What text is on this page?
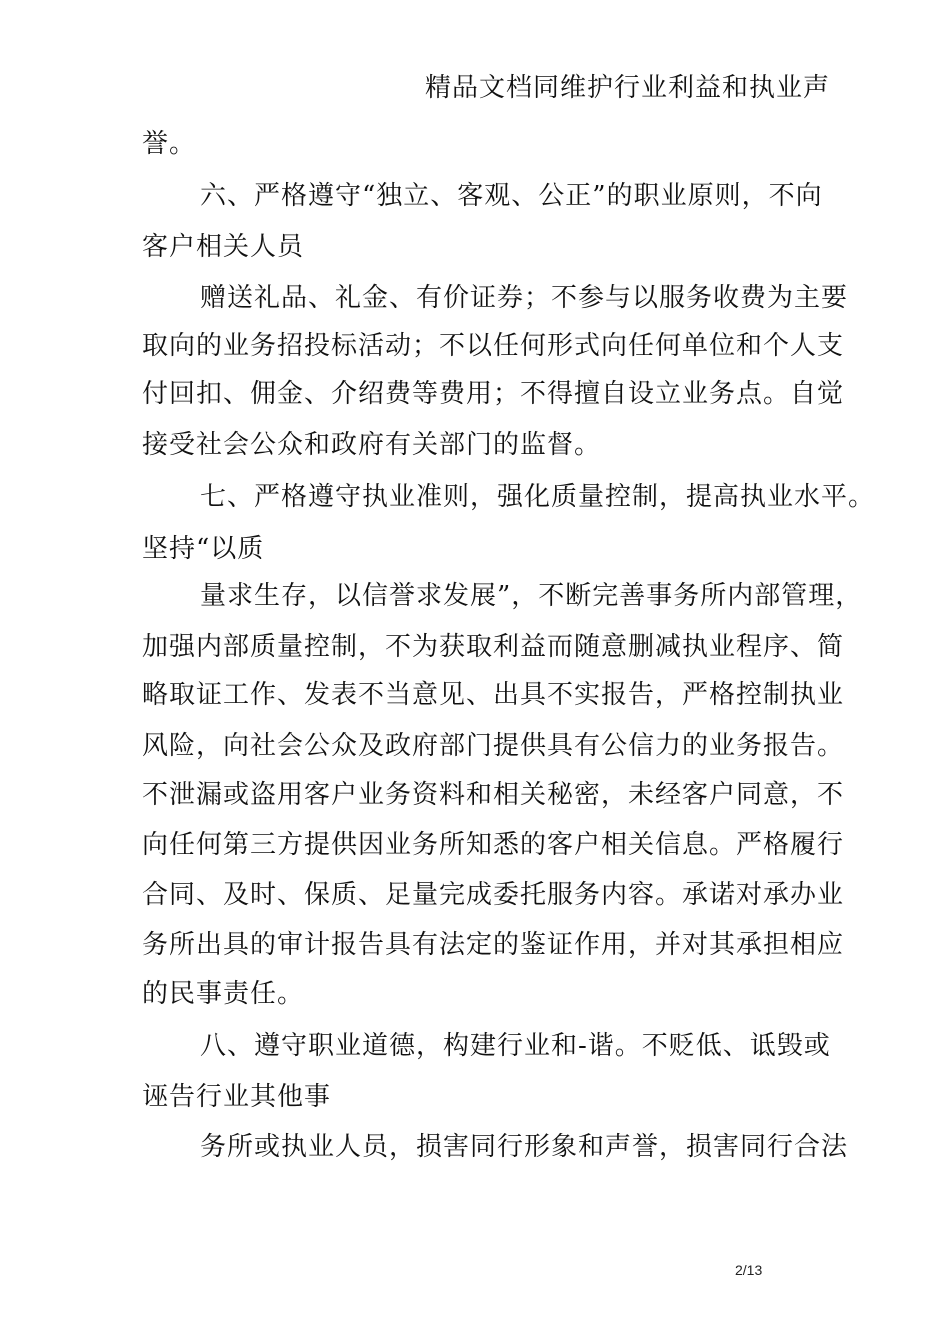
精品文档同维护行业利益和执业声
誉。
六、严格遵守“独立、客观、公正”的职业原则，不向
客户相关人员
赠送礼品、礼金、有价证券；不参与以服务收费为主要
取向的业务招投标活动；不以任何形式向任何单位和个人支
付回扣、佣金、介绍费等费用；不得擅自设立业务点。自觉
接受社会公众和政府有关部门的监督。
七、严格遵守执业准则，强化质量控制，提高执业水平。
坚持“以质
量求生存，以信誉求发展”，不断完善事务所内部管理，
加强内部质量控制，不为获取利益而随意删减执业程序、简
略取证工作、发表不当意见、出具不实报告，严格控制执业
风险，向社会公众及政府部门提供具有公信力的业务报告。
不泄漏或盗用客户业务资料和相关秘密，未经客户同意，不
向任何第三方提供因业务所知悉的客户相关信息。严格履行
合同、及时、保质、足量完成委托服务内容。承诺对承办业
务所出具的审计报告具有法定的鉴证作用，并对其承担相应
的民事责任。
八、遵守职业道德，构建行业和-谐。不贬低、诋毁或
诬告行业其他事
务所或执业人员，损害同行形象和声誉，损害同行合法
2/13
